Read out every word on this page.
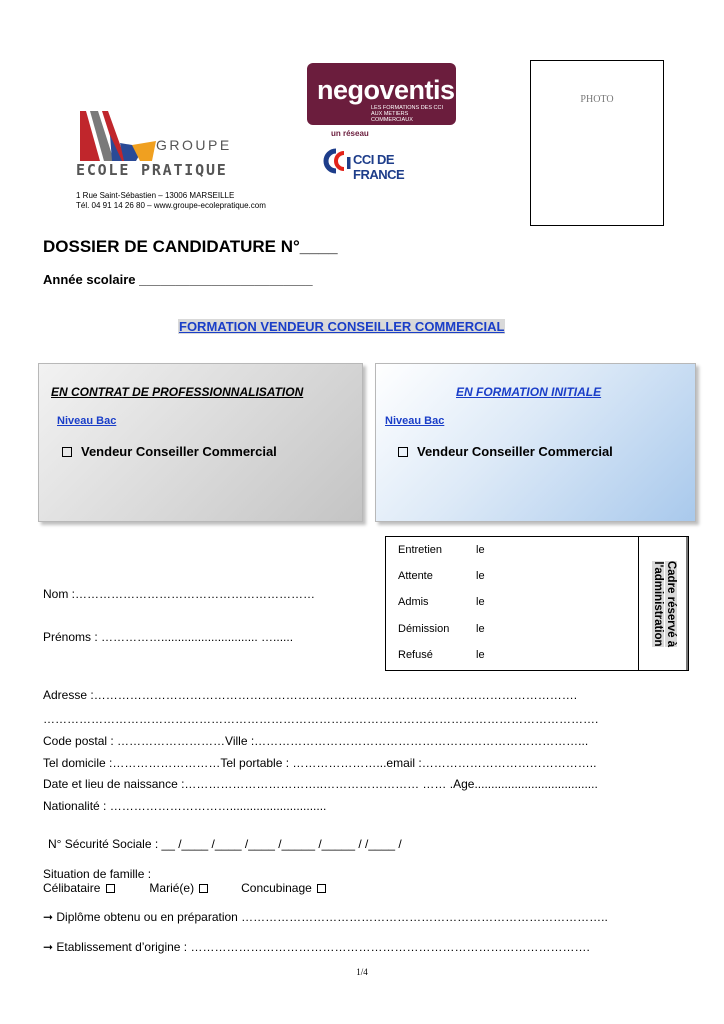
GROUPE
ECOLE PRATIQUE
1 Rue Saint-Sébastien – 13006 MARSEILLE
Tél. 04 91 14 26 80 – www.groupe-ecolepratique.com
negoventis
LES FORMATIONS DES CCI AUX METIERS COMMERCIAUX
un réseau
CCI DE FRANCE
PHOTO
DOSSIER DE CANDIDATURE N°____
Année scolaire ________________________
FORMATION VENDEUR CONSEILLER COMMERCIAL
EN CONTRAT DE PROFESSIONNALISATION
Niveau Bac
Vendeur Conseiller Commercial
EN FORMATION INITIALE
Niveau Bac
Vendeur Conseiller Commercial
Entretien	le
Attente	le
Admis	le
Démission le
Refusé	le
Cadre réservé à
l'administration
Nom :……………………………………………………
Prénoms : ……………............................. …......
Adresse :………………………………………………………………………………………………………….
………………………………………………………………………………………………………………………….
Code postal : ………………………Ville :………………………………………………………………………...
Tel domicile :………………………Tel portable : …………………...email :……………………………………..
Date et lieu de naissance :……………………………..…………………… …… .Age.....................................
Nationalité : ………………………….............................
N° Sécurité Sociale : __ /____ /____ /____ /_____ /_____ / /____ /
Situation de famille :
Célibataire	Marié(e)	Concubinage
➞ Diplôme obtenu ou en préparation ………………………………………………………………………………..
➞ Etablissement d’origine : ……………………………………………………………………………………….
1/4
